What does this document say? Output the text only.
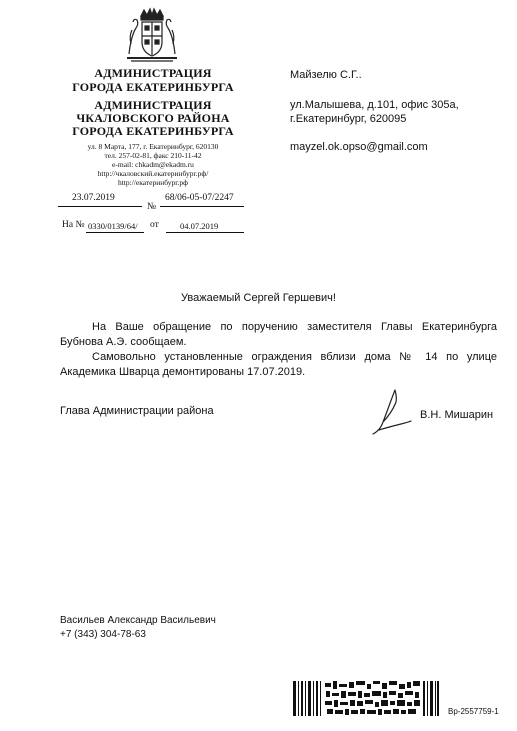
АДМИНИСТРАЦИЯ
ГОРОДА ЕКАТЕРИНБУРГА
АДМИНИСТРАЦИЯ
ЧКАЛОВСКОГО РАЙОНА
ГОРОДА ЕКАТЕРИНБУРГА
ул. 8 Марта, 177, г. Екатеринбург, 620130
тел. 257-02-81, факс 210-11-42
e-mail: chkadm@ekadm.ru
http://чкаловский.екатеринбург.рф/
http://екатеринбург.рф
23.07.2019
№
68/06-05-07/2247
На № 0330/0139/64/	от 04.07.2019
Майзелю С.Г..
ул.Малышева, д.101, офис 305а,
г.Екатеринбург, 620095
mayzel.ok.opso@gmail.com
Уважаемый Сергей Гершевич!
На Ваше обращение по поручению заместителя Главы Екатеринбурга Бубнова А.Э. сообщаем.
Самовольно установленные ограждения вблизи дома № 14 по улице Академика Шварца демонтированы 17.07.2019.
Глава Администрации района	В.Н. Мишарин
Васильев Александр Васильевич
+7 (343) 304-78-63
Вр-2557759-1
